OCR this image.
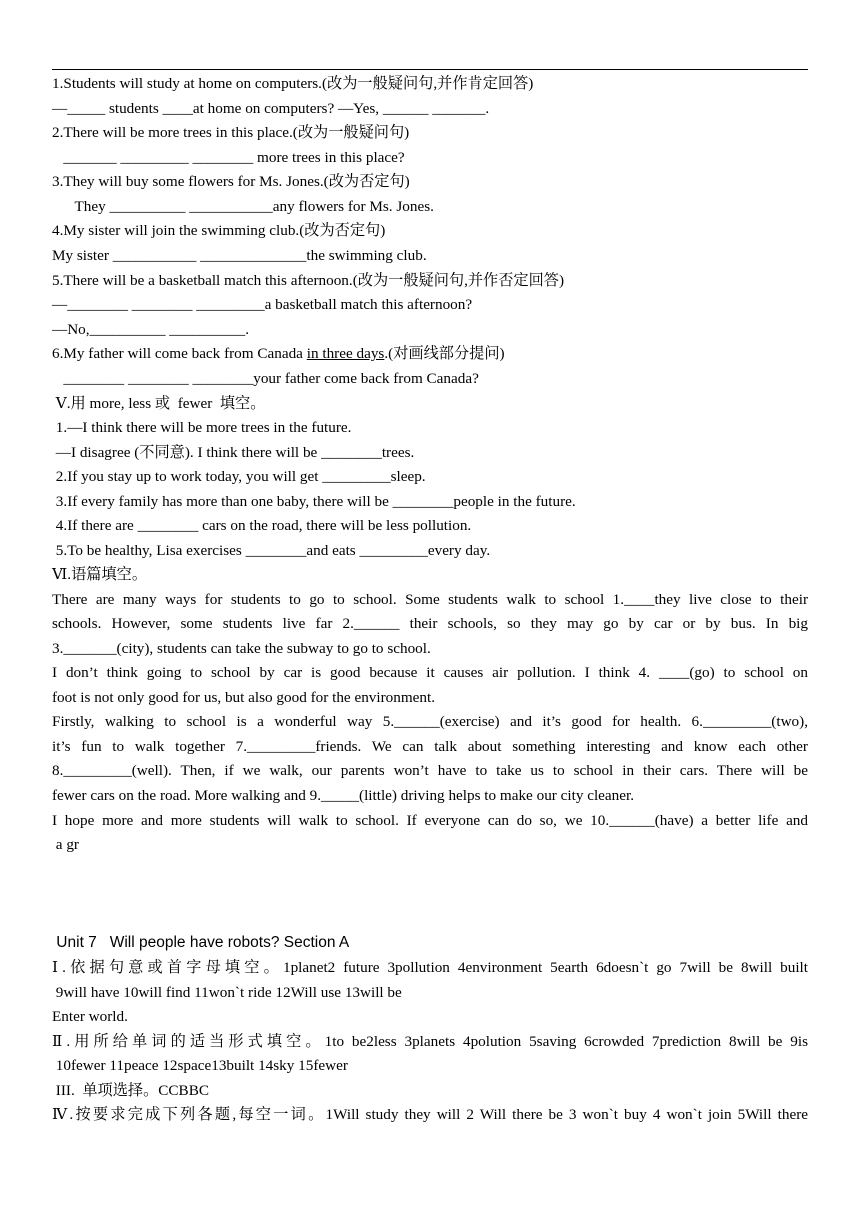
1.Students will study at home on computers.(改为一般疑问句,并作肯定回答)
—_____ students ____at home on computers? —Yes, ______ _______.
2.There will be more trees in this place.(改为一般疑问句)
_______ _________ ________ more trees in this place?
3.They will buy some flowers for Ms. Jones.(改为否定句)
They __________ ___________any flowers for Ms. Jones.
4.My sister will join the swimming club.(改为否定句)
My sister ___________ ______________the swimming club.
5.There will be a basketball match this afternoon.(改为一般疑问句,并作否定回答)
—________ ________ _________a basketball match this afternoon?
—No,__________ __________.
6.My father will come back from Canada in three days.(对画线部分提问)
________ ________ ________your father come back from Canada?
Ⅴ.用 more, less 或  fewer  填空。
1.—I think there will be more trees in the future.
—I disagree (不同意). I think there will be ________trees.
2.If you stay up to work today, you will get _________sleep.
3.If every family has more than one baby, there will be ________people in the future.
4.If there are ________ cars on the road, there will be less pollution.
5.To be healthy, Lisa exercises ________and eats _________every day.
Ⅵ.语篇填空。
There are many ways for students to go to school. Some students walk to school 1.____they live close to their
schools. However, some students live far 2.______ their schools, so they may go by car or by bus. In big
3._______(city), students can take the subway to go to school.
I don’t think going to school by car is good because it causes air pollution. I think 4. ____(go) to school on
foot is not only good for us, but also good for the environment.
Firstly, walking to school is a wonderful way 5.______(exercise) and it’s good for health. 6._________(two),
it’s fun to walk together 7._________friends. We can talk about something interesting and know each other
8._________(well). Then, if we walk, our parents won’t have to take us to school in their cars. There will be
fewer cars on the road. More walking and 9._____(little) driving helps to make our city cleaner.
I hope more and more students will walk to school. If everyone can do so, we 10.______(have) a better life and
a gr
Unit 7   Will people have robots? Section A
Ⅰ.依据句意或首字母填空。1planet2 future 3pollution 4environment 5earth 6doesn`t go 7will be 8will built
9will have 10will find 11won`t ride 12Will use 13will be
Enter world.
Ⅱ.用所给单词的适当形式填空。1to be2less 3planets 4polution 5saving 6crowded 7prediction 8will be 9is
10fewer 11peace 12space13built 14sky 15fewer
III.  单项选择。CCBBC
Ⅳ.按要求完成下列各题,每空一词。1Will study they will 2 Will there be 3 won`t buy 4 won`t join 5Will there
